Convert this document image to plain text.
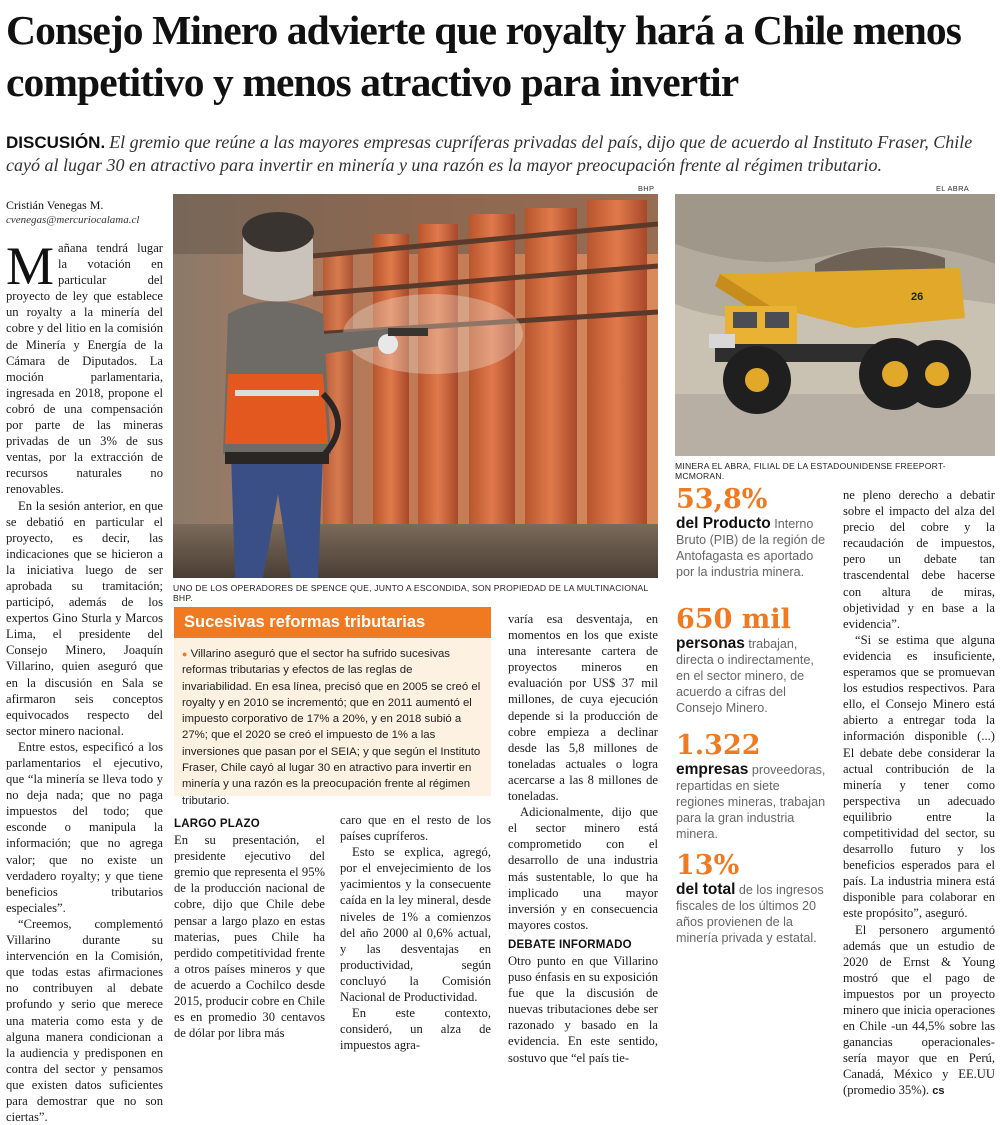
Consejo Minero advierte que royalty hará a Chile menos competitivo y menos atractivo para invertir
DISCUSIÓN. El gremio que reúne a las mayores empresas cupríferas privadas del país, dijo que de acuerdo al Instituto Fraser, Chile cayó al lugar 30 en atractivo para invertir en minería y una razón es la mayor preocupación frente al régimen tributario.
Cristián Venegas M.
cvenegas@mercuriocalama.cl

Mañana tendrá lugar la votación en particular del proyecto de ley que establece un royalty a la minería del cobre y del litio en la comisión de Minería y Energía de la Cámara de Diputados. La moción parlamentaria, ingresada en 2018, propone el cobró de una compensación por parte de las mineras privadas de un 3% de sus ventas, por la extracción de recursos naturales no renovables.

En la sesión anterior, en que se debatió en particular el proyecto, es decir, las indicaciones que se hicieron a la iniciativa luego de ser aprobada su tramitación; participó, además de los expertos Gino Sturla y Marcos Lima, el presidente del Consejo Minero, Joaquín Villarino, quien aseguró que en la discusión en Sala se afirmaron seis conceptos equivocados respecto del sector minero nacional.

Entre estos, especificó a los parlamentarios el ejecutivo, que “la minería se lleva todo y no deja nada; que no paga impuestos del todo; que esconde o manipula la información; que no agrega valor; que no existe un verdadero royalty; y que tiene beneficios tributarios especiales”.

“Creemos, complementó Villarino durante su intervención en la Comisión, que todas estas afirmaciones no contribuyen al debate profundo y serio que merece una materia como esta y de alguna manera condicionan a la audiencia y predisponen en contra del sector y pensamos que existen datos suficientes para demostrar que no son ciertas”.

BHP
UNO DE LOS OPERADORES DE SPENCE QUE, JUNTO A ESCONDIDA, SON PROPIEDAD DE LA MULTINACIONAL BHP.
EL ABRA
26
MINERA EL ABRA, FILIAL DE LA ESTADOUNIDENSE FREEPORT-MCMORAN.
Sucesivas reformas tributarias
● Villarino aseguró que el sector ha sufrido sucesivas reformas tributarias y efectos de las reglas de invariabilidad. En esa línea, precisó que en 2005 se creó el royalty y en 2010 se incrementó; que en 2011 aumentó el impuesto corporativo de 17% a 20%, y en 2018 subió a 27%; que el 2020 se creó el impuesto de 1% a las inversiones que pasan por el SEIA; y que según el Instituto Fraser, Chile cayó al lugar 30 en atractivo para invertir en minería y una razón es la preocupación frente al régimen tributario.
LARGO PLAZO

En su presentación, el presidente ejecutivo del gremio que representa el 95% de la producción nacional de cobre, dijo que Chile debe pensar a largo plazo en estas materias, pues Chile ha perdido competitividad frente a otros países mineros y que de acuerdo a Cochilco desde 2015, producir cobre en Chile es en promedio 30 centavos de dólar por libra más

caro que en el resto de los países cupríferos.

Esto se explica, agregó, por el envejecimiento de los yacimientos y la consecuente caída en la ley mineral, desde niveles de 1% a comienzos del año 2000 al 0,6% actual, y las desventajas en productividad, según concluyó la Comisión Nacional de Productividad.

En este contexto, consideró, un alza de impuestos agra-

varía esa desventaja, en momentos en los que existe una interesante cartera de proyectos mineros en evaluación por US$ 37 mil millones, de cuya ejecución depende si la producción de cobre empieza a declinar desde las 5,8 millones de toneladas actuales o logra acercarse a las 8 millones de toneladas.

Adicionalmente, dijo que el sector minero está comprometido con el desarrollo de una industria más sustentable, lo que ha implicado una mayor inversión y en consecuencia mayores costos.

DEBATE INFORMADO

Otro punto en que Villarino puso énfasis en su exposición fue que la discusión de nuevas tributaciones debe ser razonado y basado en la evidencia. En este sentido, sostuvo que “el país tie-

53,8%
del Producto Interno Bruto (PIB) de la región de Antofagasta es aportado por la industria minera.
650 mil
personas trabajan, directa o indirectamente, en el sector minero, de acuerdo a cifras del Consejo Minero.
1.322
empresas proveedoras, repartidas en siete regiones mineras, trabajan para la gran industria minera.
13%
del total de los ingresos fiscales de los últimos 20 años provienen de la minería privada y estatal.

ne pleno derecho a debatir sobre el impacto del alza del precio del cobre y la recaudación de impuestos, pero un debate tan trascendental debe hacerse con altura de miras, objetividad y en base a la evidencia”.

“Si se estima que alguna evidencia es insuficiente, esperamos que se promuevan los estudios respectivos. Para ello, el Consejo Minero está abierto a entregar toda la información disponible (...) El debate debe considerar la actual contribución de la minería y tener como perspectiva un adecuado equilibrio entre la competitividad del sector, su desarrollo futuro y los beneficios esperados para el país. La industria minera está disponible para colaborar en este propósito”, aseguró.

El personero argumentó además que un estudio de 2020 de Ernst & Young mostró que el pago de impuestos por un proyecto minero que inicia operaciones en Chile -un 44,5% sobre las ganancias operacionales- sería mayor que en Perú, Canadá, México y EE.UU (promedio 35%). cs
